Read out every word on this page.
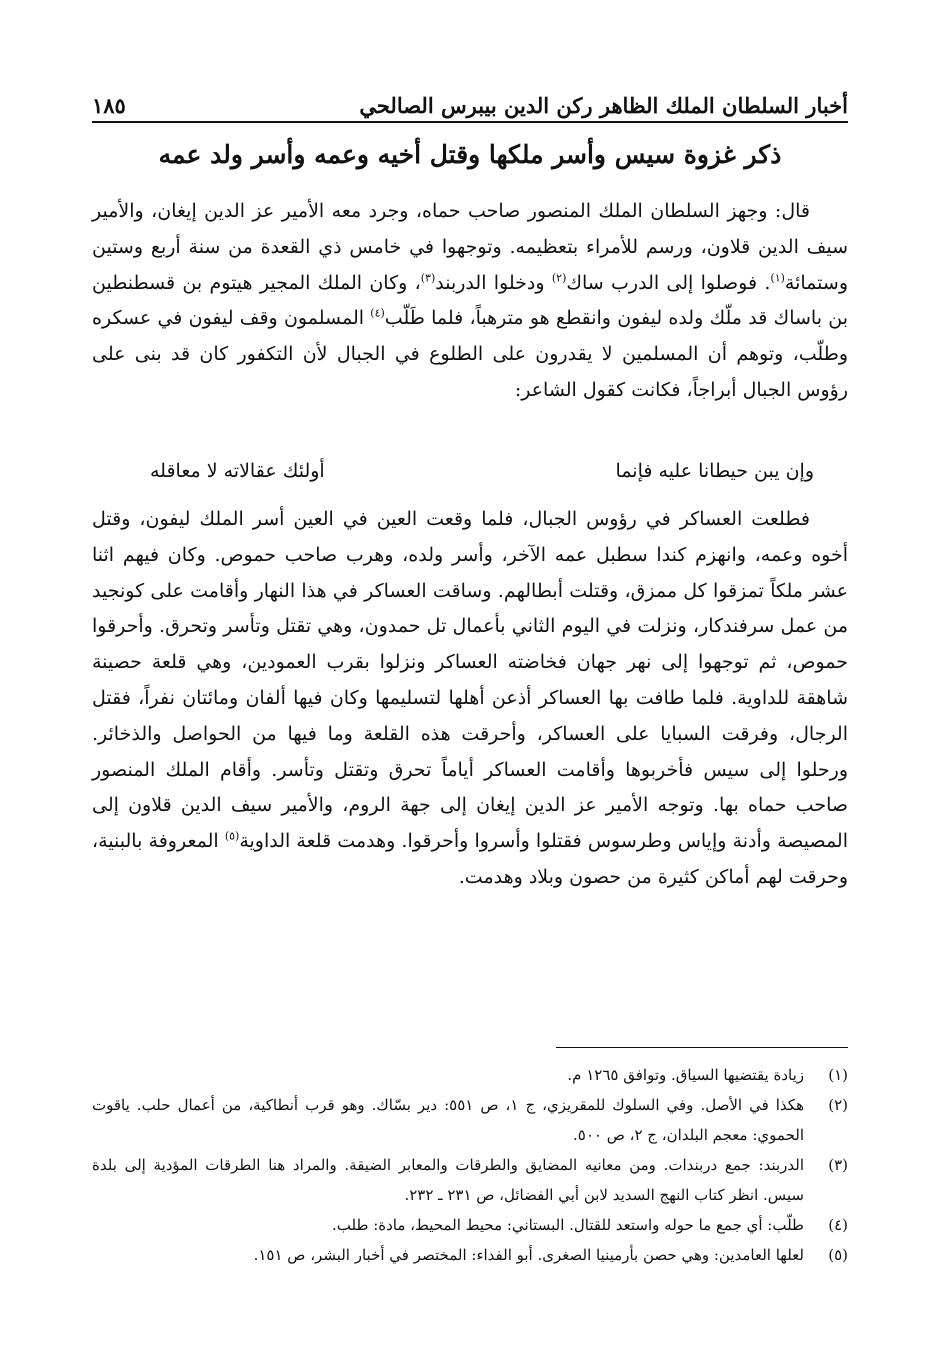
أخبار السلطان الملك الظاهر ركن الدين بيبرس الصالحي
١٨٥
ذكر غزوة سيس وأسر ملكها وقتل أخيه وعمه وأسر ولد عمه

قال: وجهز السلطان الملك المنصور صاحب حماه، وجرد معه الأمير عز الدين إيغان، والأمير سيف الدين قلاون، ورسم للأمراء بتعظيمه. وتوجهوا في خامس ذي القعدة من سنة أربع وستين وستمائة$^{(١)}$. فوصلوا إلى الدرب ساك$^{(٢)}$ ودخلوا الدربند$^{(٣)}$، وكان الملك المجير هيتوم بن قسطنطين بن باساك قد ملّك ولده ليفون وانقطع هو مترهباً، فلما طَلّب$^{(٤)}$ المسلمون وقف ليفون في عسكره وطلّب، وتوهم أن المسلمين لا يقدرون على الطلوع في الجبال لأن التكفور كان قد بنى على رؤوس الجبال أبراجاً، فكانت كقول الشاعر:

وإن يبن حيطانا عليه فإنما
أولئك عقالاته لا معاقله

فطلعت العساكر في رؤوس الجبال، فلما وقعت العين في العين أسر الملك ليفون، وقتل أخوه وعمه، وانهزم كندا سطبل عمه الآخر، وأسر ولده، وهرب صاحب حموص. وكان فيهم اثنا عشر ملكاً تمزقوا كل ممزق، وقتلت أبطالهم. وساقت العساكر في هذا النهار وأقامت على كونجيد من عمل سرفندكار، ونزلت في اليوم الثاني بأعمال تل حمدون، وهي تقتل وتأسر وتحرق. وأحرقوا حموص، ثم توجهوا إلى نهر جهان فخاضته العساكر ونزلوا بقرب العمودين، وهي قلعة حصينة شاهقة للداوية. فلما طافت بها العساكر أذعن أهلها لتسليمها وكان فيها ألفان ومائتان نفراً، فقتل الرجال، وفرقت السبايا على العساكر، وأحرقت هذه القلعة وما فيها من الحواصل والذخائر. ورحلوا إلى سيس فأخربوها وأقامت العساكر أياماً تحرق وتقتل وتأسر. وأقام الملك المنصور صاحب حماه بها. وتوجه الأمير عز الدين إيغان إلى جهة الروم، والأمير سيف الدين قلاون إلى المصيصة وأدنة وإياس وطرسوس فقتلوا وأسروا وأحرقوا. وهدمت قلعة الداوية$^{(٥)}$ المعروفة بالبنية، وحرقت لهم أماكن كثيرة من حصون وبلاد وهدمت.

(١)
زيادة يقتضيها السياق. وتوافق ١٢٦٥ م.
(٢)
هكذا في الأصل. وفي السلوك للمقريزي، ج ١، ص ٥٥١: دير بسّاك. وهو قرب أنطاكية، من أعمال حلب. ياقوت الحموي: معجم البلدان، ج ٢، ص ٥٠٠.
(٣)
الدربند: جمع دربندات. ومن معانيه المضايق والطرقات والمعابر الضيقة. والمراد هنا الطرقات المؤدية إلى بلدة سيس. انظر كتاب النهج السديد لابن أبي الفضائل، ص ٢٣١ ـ ٢٣٢.
(٤)
طلّب: أي جمع ما حوله واستعد للقتال. البستاني: محيط المحيط، مادة: طلب.
(٥)
لعلها العامدين: وهي حصن بأرمينيا الصغرى. أبو الفداء: المختصر في أخبار البشر، ص ١٥١.
